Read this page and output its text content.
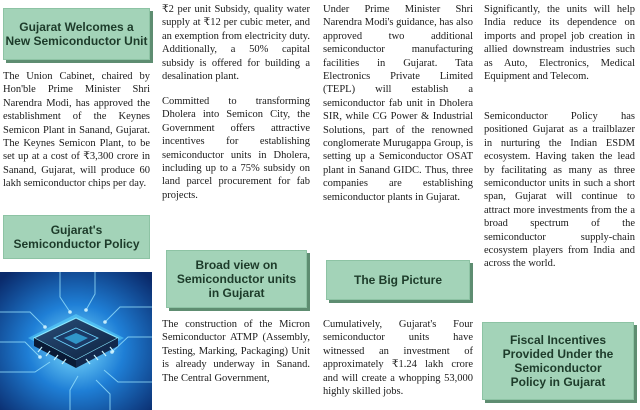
Gujarat Welcomes a
New Semiconductor Unit

The Union Cabinet, chaired by Hon'ble Prime Minister Shri Narendra Modi, has approved the establishment of the Keynes Semicon Plant in Sanand, Gujarat. The Keynes Semicon Plant, to be set up at a cost of ₹3,300 crore in Sanand, Gujarat, will produce 60 lakh semiconductor chips per day.

Gujarat's
Semiconductor Policy

₹2 per unit Subsidy, quality water supply at ₹12 per cubic meter, and an exemption from electricity duty. Additionally, a 50% capital subsidy is offered for building a desalination plant.

Committed to transforming Dholera into Semicon City, the Government offers attractive incentives for establishing semiconductor units in Dholera, including up to a 75% subsidy on land parcel procurement for fab projects.

Broad view on
Semiconductor units
in Gujarat

The construction of the Micron Semiconductor ATMP (Assembly, Testing, Marking, Packaging) Unit is already underway in Sanand. The Central Government,

Under Prime Minister Shri Narendra Modi's guidance, has also approved two additional semiconductor manufacturing facilities in Gujarat. Tata Electronics Private Limited (TEPL) will establish a semiconductor fab unit in Dholera SIR, while CG Power & Industrial Solutions, part of the renowned conglomerate Murugappa Group, is setting up a Semiconductor OSAT plant in Sanand GIDC. Thus, three companies are establishing semiconductor plants in Gujarat.

The Big Picture

Cumulatively, Gujarat's Four semiconductor units have witnessed an investment of approximately ₹1.24 lakh crore and will create a whopping 53,000 highly skilled jobs.

Significantly, the units will help India reduce its dependence on imports and propel job creation in allied downstream industries such as Auto, Electronics, Medical Equipment and Telecom.

Semiconductor Policy has positioned Gujarat as a trailblazer in nurturing the Indian ESDM ecosystem. Having taken the lead by facilitating as many as three semiconductor units in such a short span, Gujarat will continue to attract more investments from the a broad spectrum of the semiconductor supply-chain ecosystem players from India and across the world.

Fiscal Incentives
Provided Under the
Semiconductor
Policy in Gujarat
